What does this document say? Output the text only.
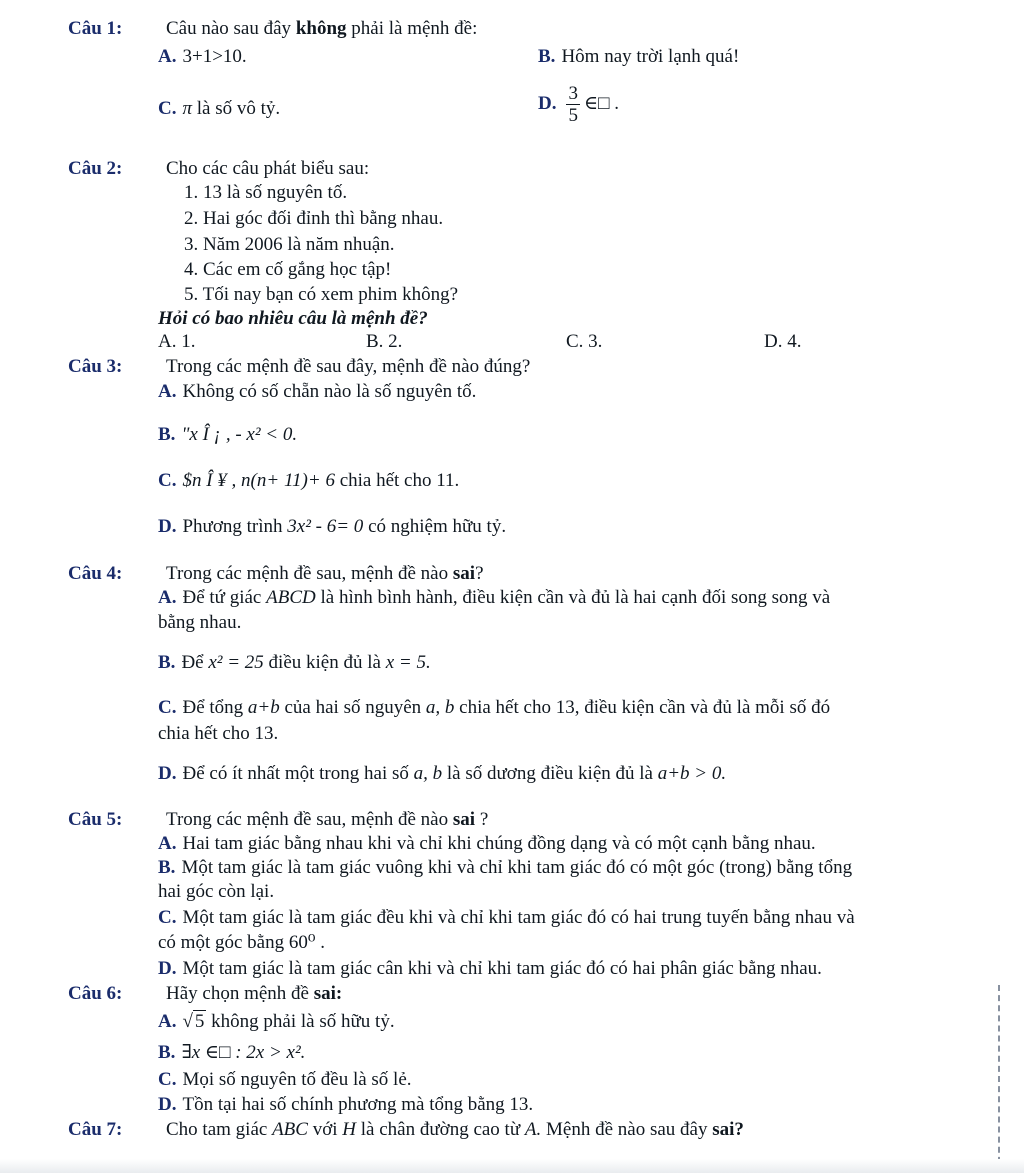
Câu 1: Câu nào sau đây không phải là mệnh đề:
A. 3+1>10.	B. Hôm nay trời lạnh quá!
C. π là số vô tỷ.	D. $\frac{3}{5}$ ∈□ .
Câu 2: Cho các câu phát biểu sau:
1. 13 là số nguyên tố.
2. Hai góc đối đỉnh thì bằng nhau.
3. Năm 2006 là năm nhuận.
4. Các em cố gắng học tập!
5. Tối nay bạn có xem phim không?
Hỏi có bao nhiêu câu là mệnh đề?
A. 1.	B. 2.	C. 3.	D. 4.
Câu 3: Trong các mệnh đề sau đây, mệnh đề nào đúng?
A. Không có số chẵn nào là số nguyên tố.
B. "x Î ¡ , - x² < 0.
C. $n Î ¥ , n(n+ 11)+ 6 chia hết cho 11.
D. Phương trình 3x² - 6= 0 có nghiệm hữu tỷ.
Câu 4: Trong các mệnh đề sau, mệnh đề nào sai?
A. Để tứ giác ABCD là hình bình hành, điều kiện cần và đủ là hai cạnh đối song song và
bằng nhau.
B. Để x² = 25 điều kiện đủ là x = 5.
C. Để tổng a+b của hai số nguyên a, b chia hết cho 13, điều kiện cần và đủ là mỗi số đó
chia hết cho 13.
D. Để có ít nhất một trong hai số a, b là số dương điều kiện đủ là a+b > 0.
Câu 5: Trong các mệnh đề sau, mệnh đề nào sai ?
A. Hai tam giác bằng nhau khi và chỉ khi chúng đồng dạng và có một cạnh bằng nhau.
B. Một tam giác là tam giác vuông khi và chỉ khi tam giác đó có một góc (trong) bằng tổng
hai góc còn lại.
C. Một tam giác là tam giác đều khi và chỉ khi tam giác đó có hai trung tuyến bằng nhau và
có một góc bằng 60⁰ .
D. Một tam giác là tam giác cân khi và chỉ khi tam giác đó có hai phân giác bằng nhau.
Câu 6: Hãy chọn mệnh đề sai:
A. √ 5 không phải là số hữu tỷ.
B. ∃x ∈□ : 2x > x².
C. Mọi số nguyên tố đều là số lẻ.
D. Tồn tại hai số chính phương mà tổng bằng 13.
Câu 7: Cho tam giác ABC với H là chân đường cao từ A. Mệnh đề nào sau đây sai?
